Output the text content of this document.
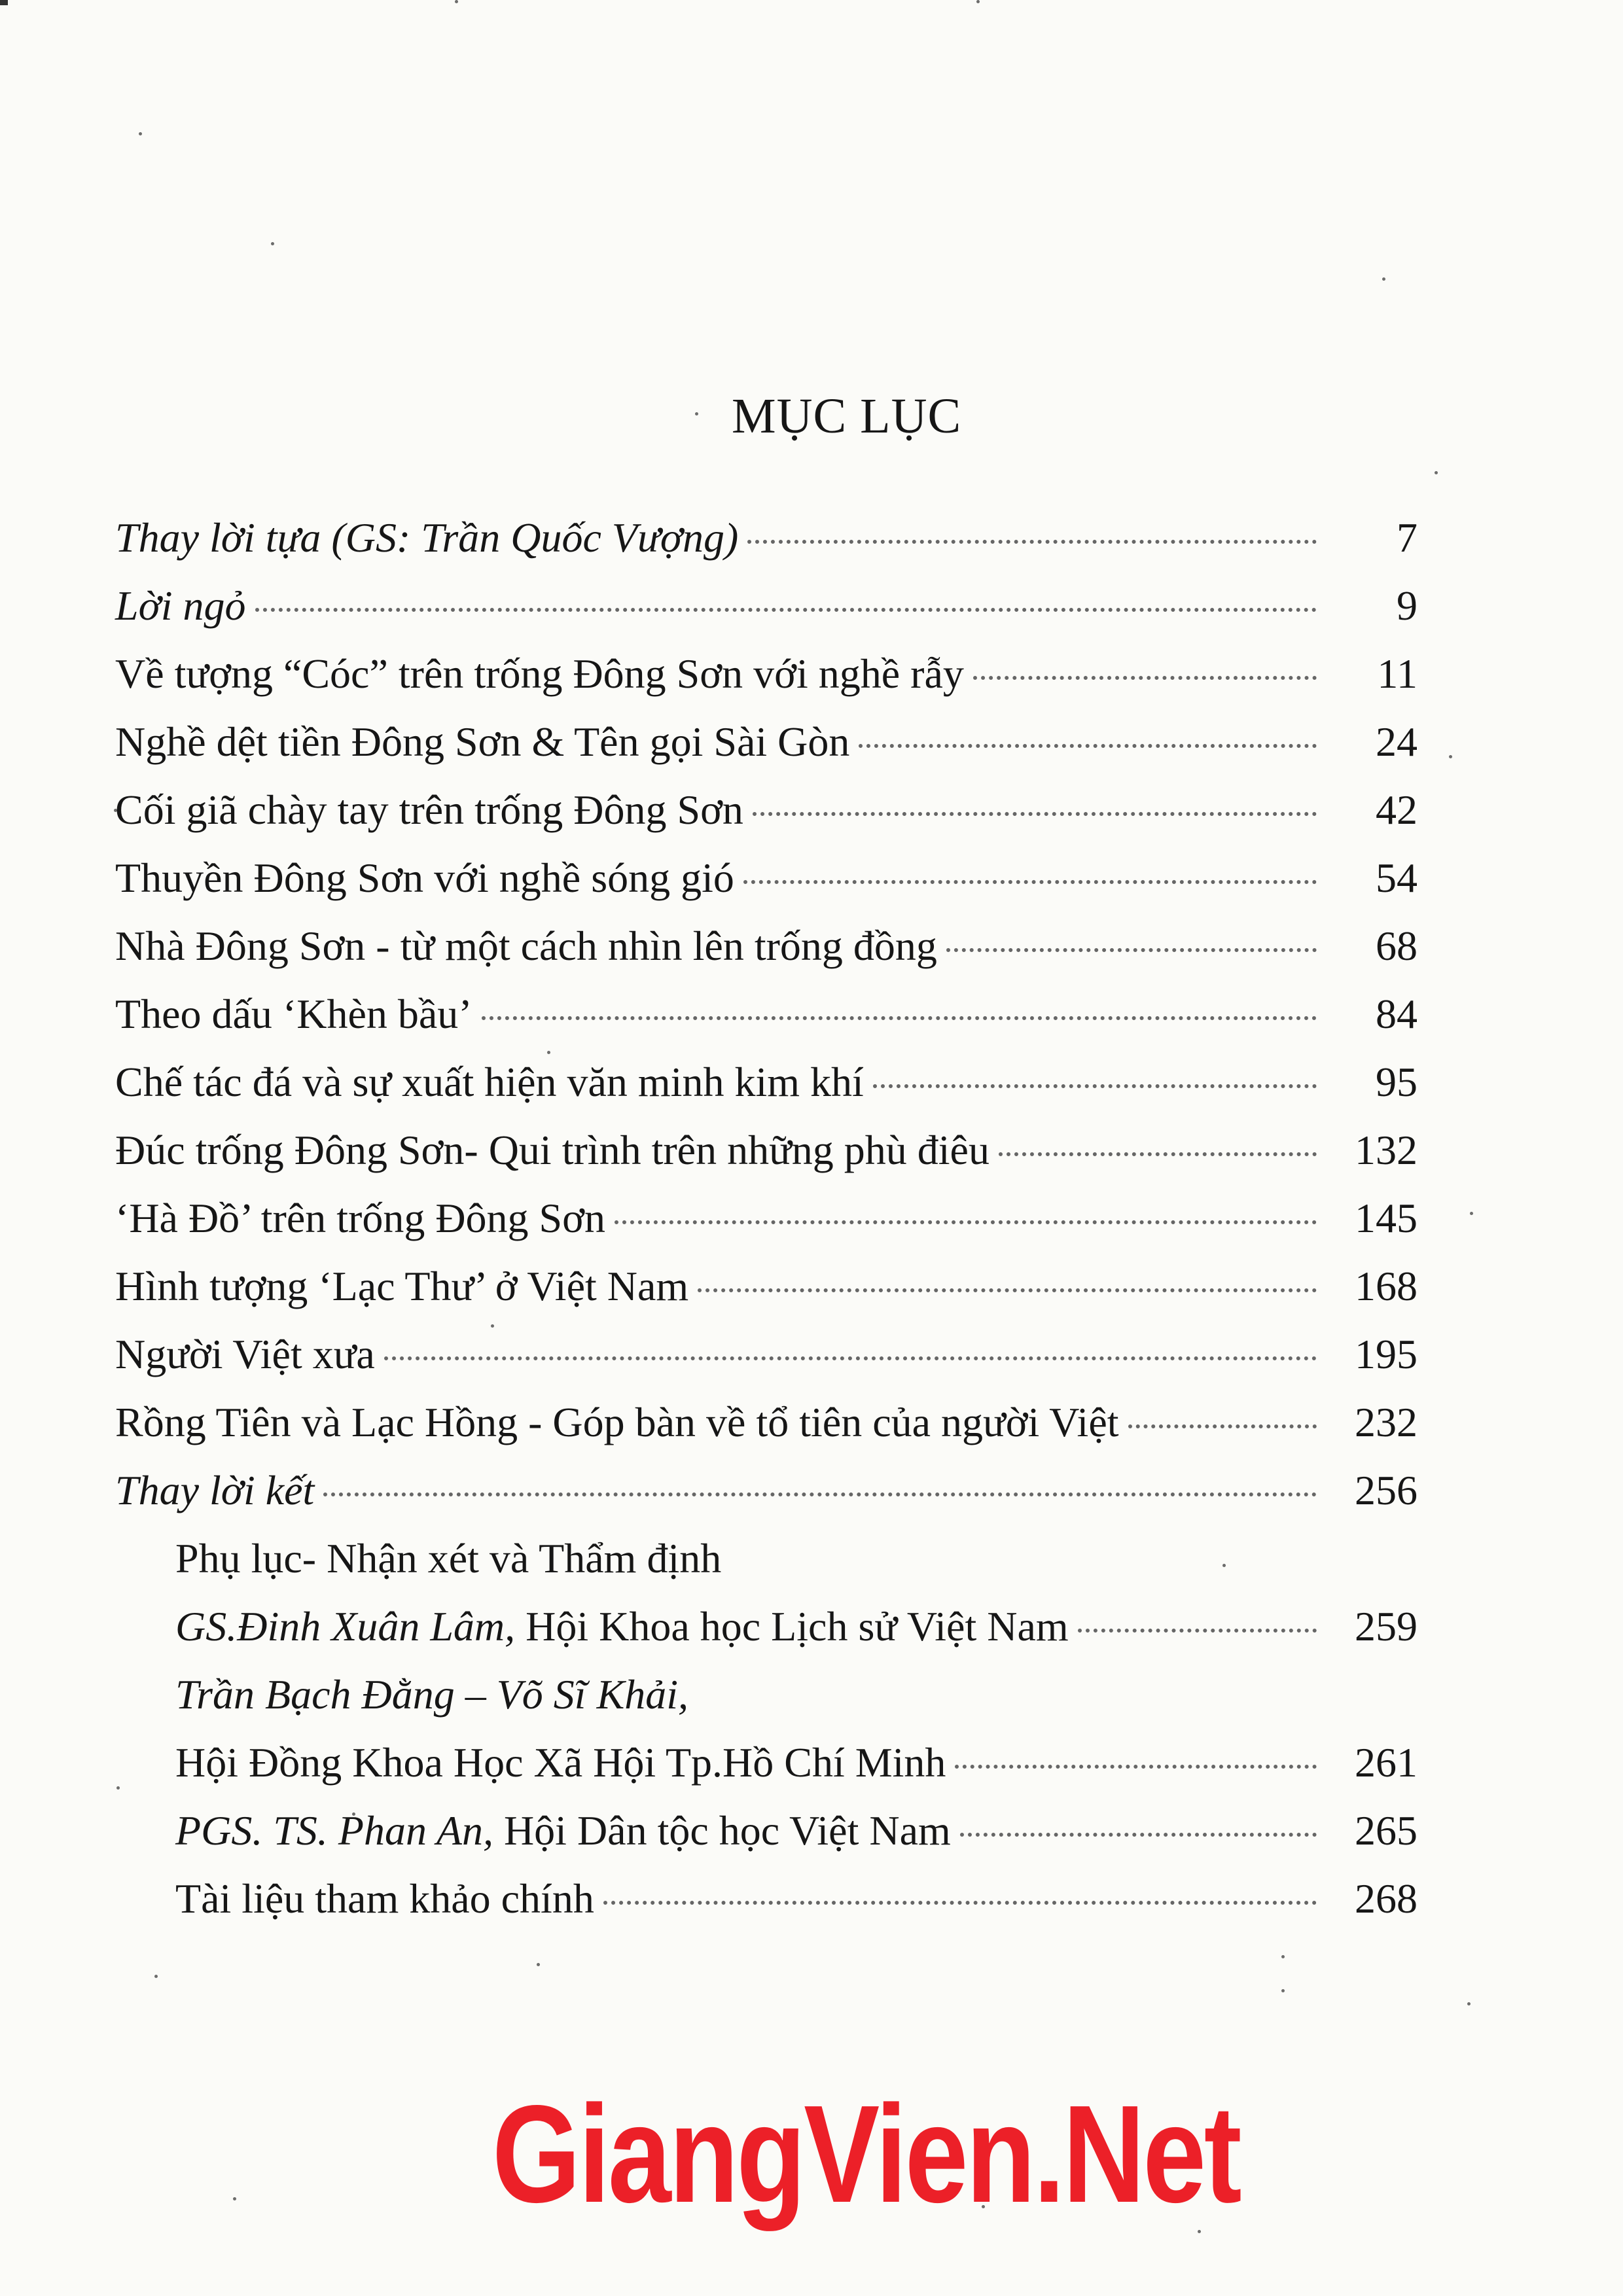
MỤC LỤC
Thay lời tựa (GS: Trần Quốc Vượng)	7
Lời ngỏ	9
Về tượng “Cóc” trên trống Đông Sơn với nghề rẫy	11
Nghề dệt tiền Đông Sơn & Tên gọi Sài Gòn	24
Cối giã chày tay trên trống Đông Sơn	42
Thuyền Đông Sơn với nghề sóng gió	54
Nhà Đông Sơn - từ một cách nhìn lên trống đồng	68
Theo dấu ‘Khèn bầu’	84
Chế tác đá và sự xuất hiện văn minh kim khí	95
Đúc trống Đông Sơn- Qui trình trên những phù điêu	132
‘Hà Đồ’ trên trống Đông Sơn	145
Hình tượng ‘Lạc Thư’ ở Việt Nam	168
Người Việt xưa	195
Rồng Tiên và Lạc Hồng - Góp bàn về tổ tiên của người Việt	232
Thay lời kết	256
Phụ lục- Nhận xét và Thẩm định
GS.Đinh Xuân Lâm, Hội Khoa học Lịch sử Việt Nam	259
Trần Bạch Đằng – Võ Sĩ Khải,
Hội Đồng Khoa Học Xã Hội Tp.Hồ Chí Minh	261
PGS. TS. Phan An, Hội Dân tộc học Việt Nam	265
Tài liệu tham khảo chính	268
GiangVien.Net
